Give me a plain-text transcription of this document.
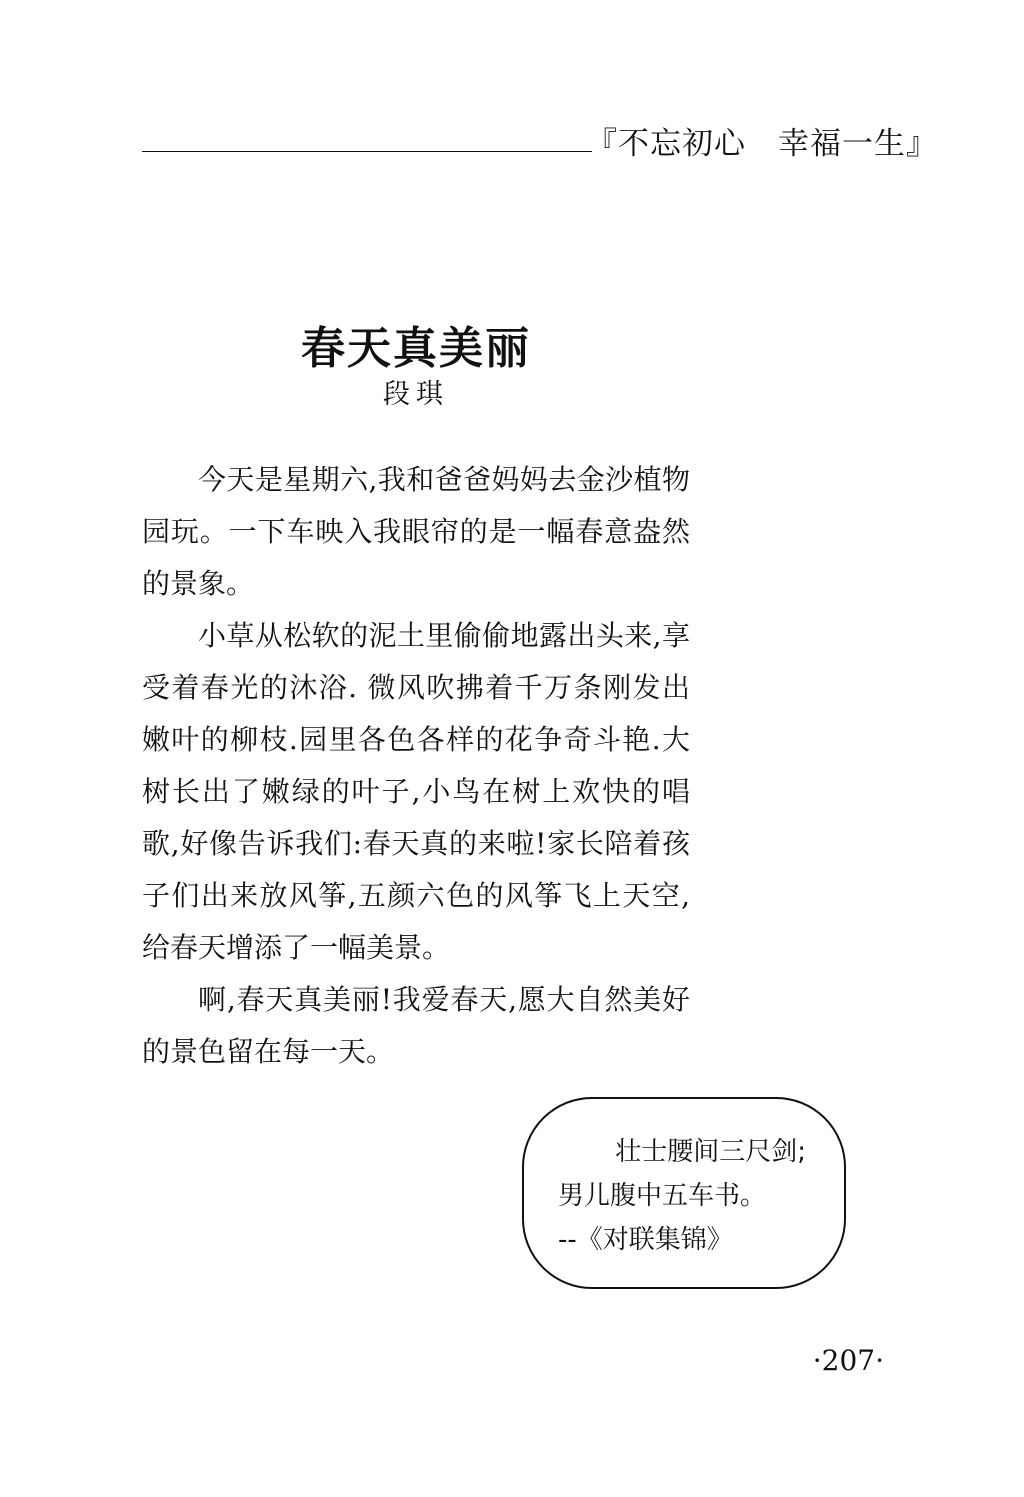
『不忘初心　幸福一生』
春天真美丽
段琪

今天是星期六,我和爸爸妈妈去金沙植物园玩。一下车映入我眼帘的是一幅春意盎然的景象。

小草从松软的泥土里偷偷地露出头来,享受着春光的沐浴. 微风吹拂着千万条刚发出嫩叶的柳枝.园里各色各样的花争奇斗艳.大树长出了嫩绿的叶子,小鸟在树上欢快的唱歌,好像告诉我们:春天真的来啦!家长陪着孩子们出来放风筝,五颜六色的风筝飞上天空,给春天增添了一幅美景。

啊,春天真美丽!我爱春天,愿大自然美好的景色留在每一天。

壮士腰间三尺剑;男儿腹中五车书。
--《对联集锦》
·207·
